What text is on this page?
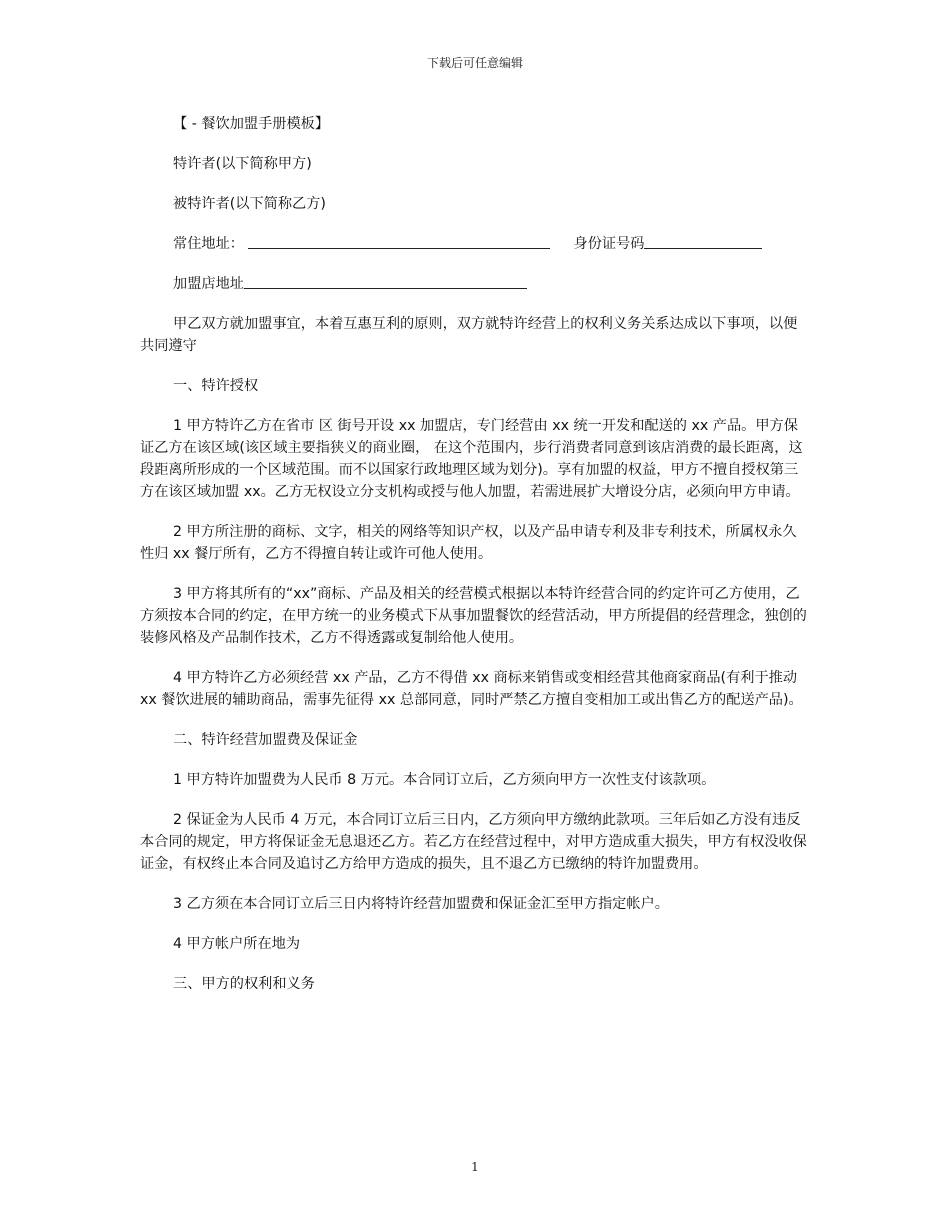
下载后可任意编辑

【 - 餐饮加盟手册模板】

特许者(以下简称甲方)

被特许者(以下简称乙方)

常住地址：	身份证号码

加盟店地址

甲乙双方就加盟事宜，本着互惠互利的原则，双方就特许经营上的权利义务关系达成以下事项，以便共同遵守

一、特许授权

1 甲方特许乙方在省市 区 街号开设 xx 加盟店，专门经营由 xx 统一开发和配送的 xx 产品。甲方保证乙方在该区域(该区域主要指狭义的商业圈， 在这个范围内，步行消费者同意到该店消费的最长距离，这段距离所形成的一个区域范围。而不以国家行政地理区域为划分)。享有加盟的权益，甲方不擅自授权第三方在该区域加盟 xx。乙方无权设立分支机构或授与他人加盟，若需进展扩大增设分店，必须向甲方申请。

2 甲方所注册的商标、文字，相关的网络等知识产权，以及产品申请专利及非专利技术，所属权永久性归 xx 餐厅所有，乙方不得擅自转让或许可他人使用。

3 甲方将其所有的“xx”商标、产品及相关的经营模式根据以本特许经营合同的约定许可乙方使用，乙方须按本合同的约定，在甲方统一的业务模式下从事加盟餐饮的经营活动，甲方所提倡的经营理念，独创的装修风格及产品制作技术，乙方不得透露或复制给他人使用。

4 甲方特许乙方必须经营 xx 产品，乙方不得借 xx 商标来销售或变相经营其他商家商品(有利于推动 xx 餐饮进展的辅助商品，需事先征得 xx 总部同意，同时严禁乙方擅自变相加工或出售乙方的配送产品)。

二、特许经营加盟费及保证金

1 甲方特许加盟费为人民币 8 万元。本合同订立后，乙方须向甲方一次性支付该款项。

2 保证金为人民币 4 万元，本合同订立后三日内，乙方须向甲方缴纳此款项。三年后如乙方没有违反本合同的规定，甲方将保证金无息退还乙方。若乙方在经营过程中，对甲方造成重大损失，甲方有权没收保证金，有权终止本合同及追讨乙方给甲方造成的损失，且不退乙方已缴纳的特许加盟费用。

3 乙方须在本合同订立后三日内将特许经营加盟费和保证金汇至甲方指定帐户。

4 甲方帐户所在地为

三、甲方的权利和义务

1
